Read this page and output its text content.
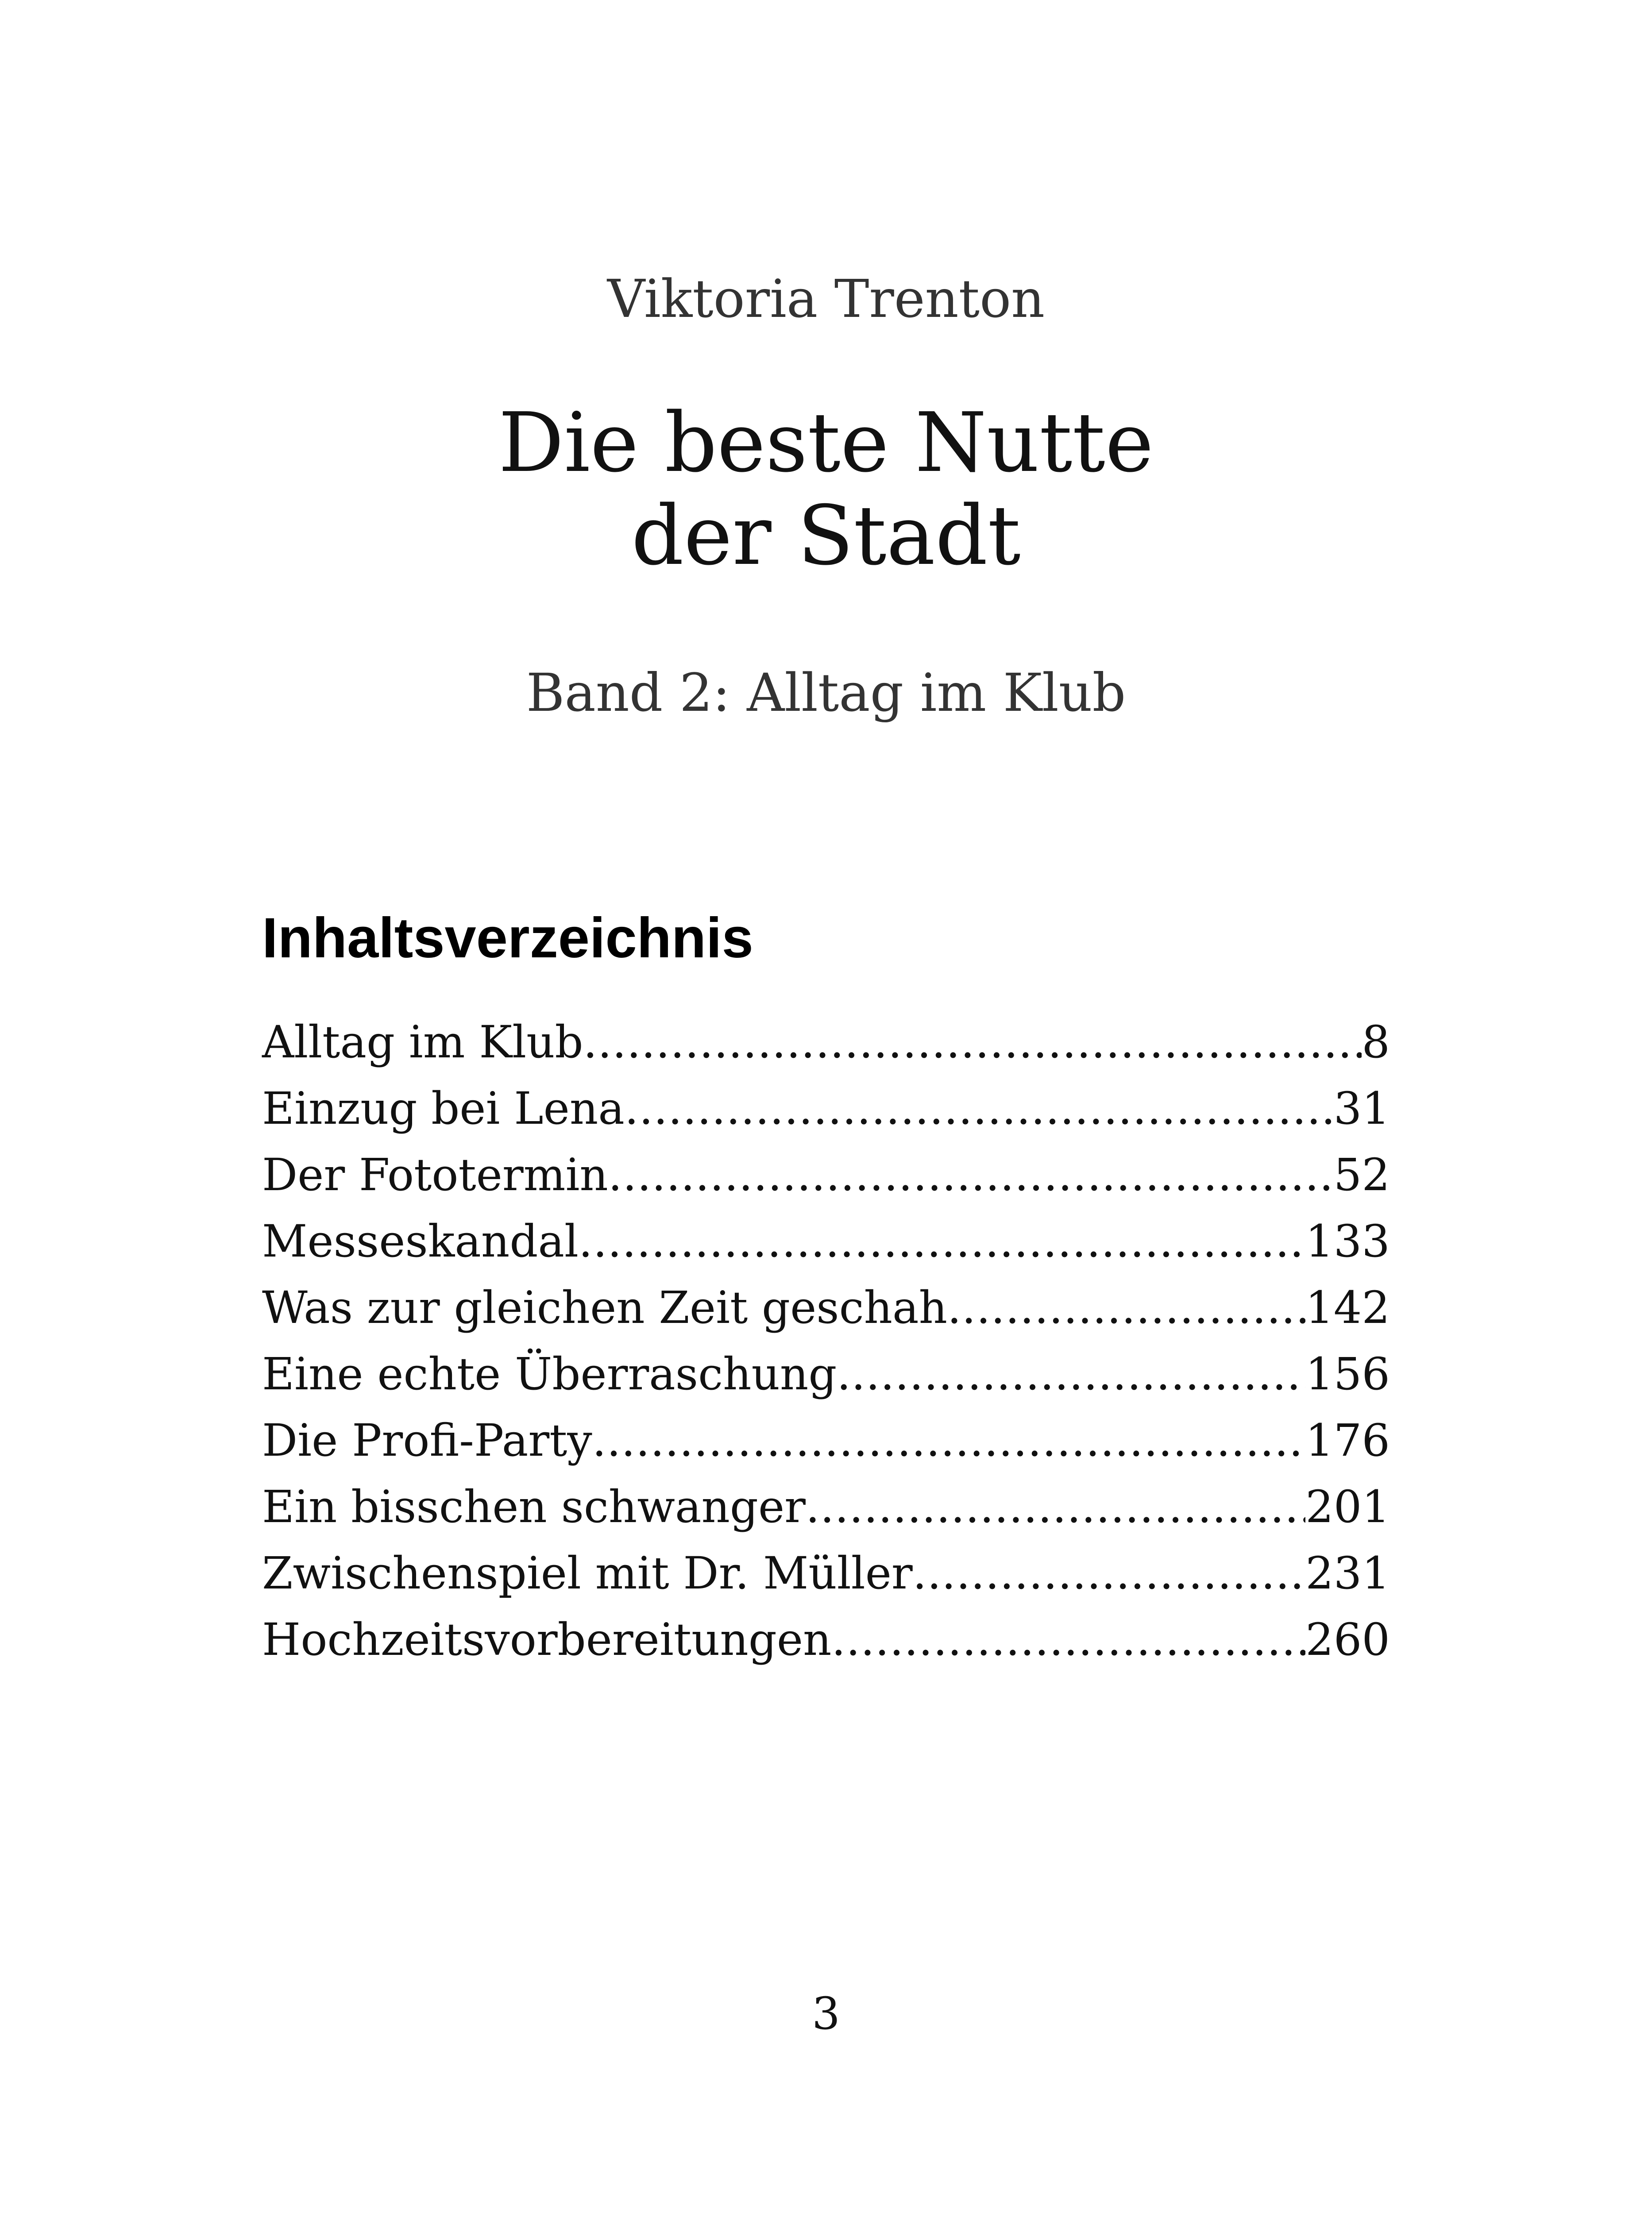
Viktoria Trenton
Die beste Nutte
der Stadt
Band 2: Alltag im Klub
Inhaltsverzeichnis
Alltag im Klub .....	8
Einzug bei Lena .....	31
Der Fototermin .....	52
Messeskandal .....	133
Was zur gleichen Zeit geschah .....	142
Eine echte Überraschung .....	156
Die Profi-Party .....	176
Ein bisschen schwanger .....	201
Zwischenspiel mit Dr. Müller .....	231
Hochzeitsvorbereitungen .....	260
3
